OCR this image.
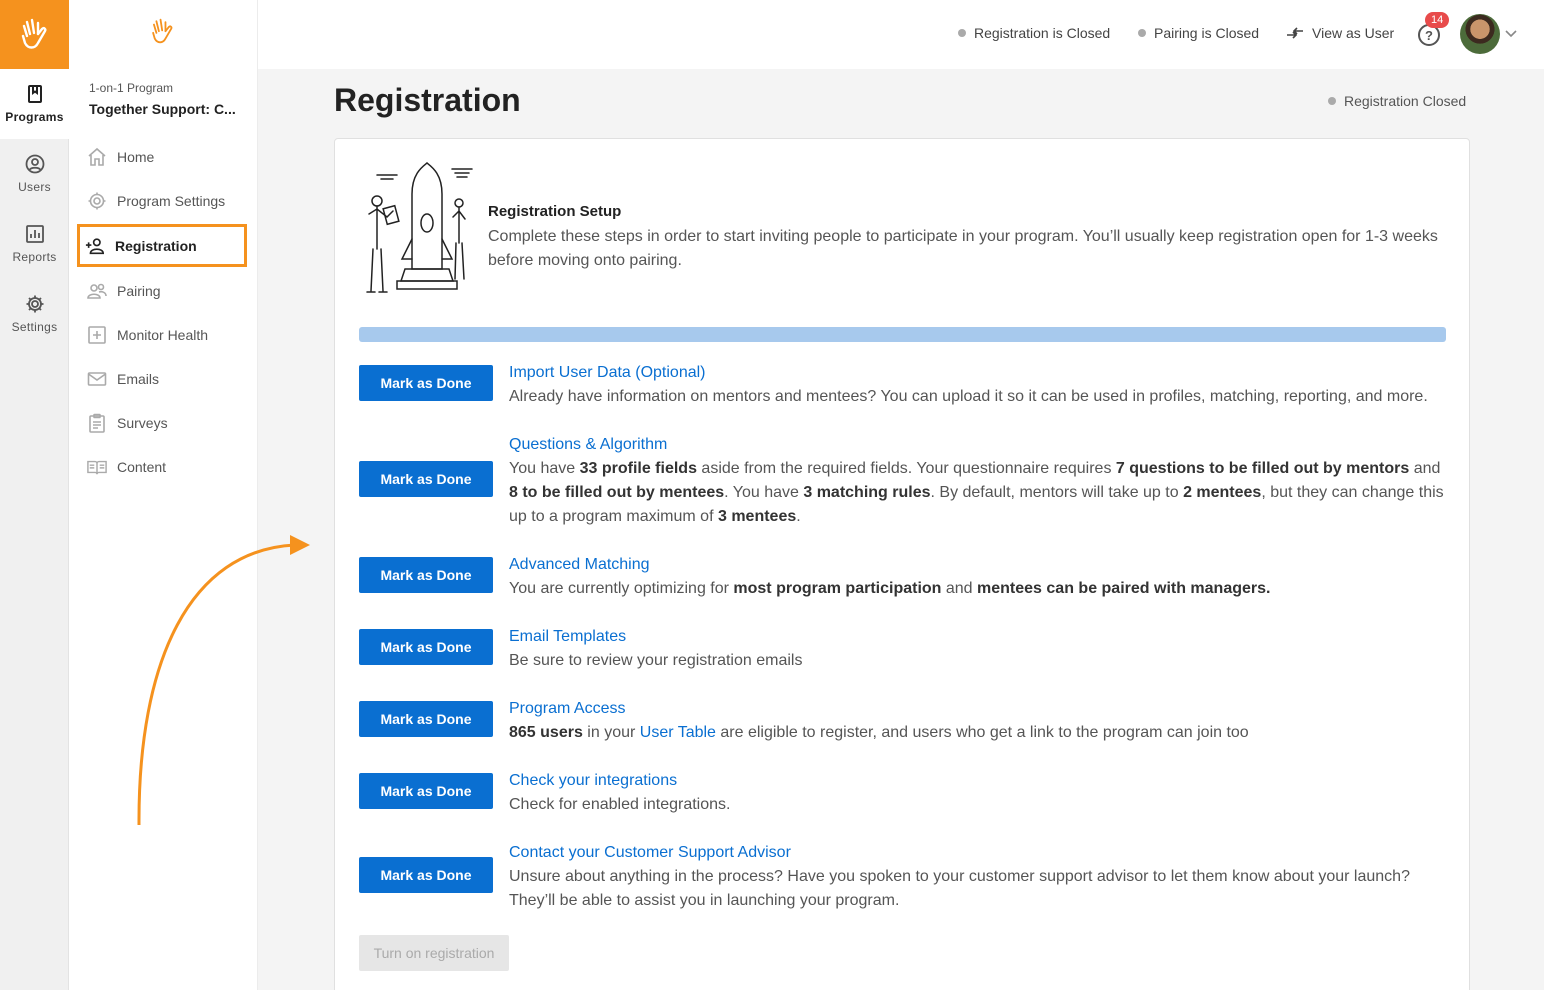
Programs
Users
Reports
Settings
1-on-1 Program
Together Support: C...
Home
Program Settings
Registration
Pairing
Monitor Health
Emails
Surveys
Content
Registration is Closed	Pairing is Closed	View as User	?
14
Registration	Registration Closed
Registration Setup
Complete these steps in order to start inviting people to participate in your program. You’ll usually keep registration open for 1-3 weeks before moving onto pairing.
Mark as Done
Import User Data (Optional)
Already have information on mentors and mentees? You can upload it so it can be used in profiles, matching, reporting, and more.
Mark as Done
Questions & Algorithm
You have 33 profile fields aside from the required fields. Your questionnaire requires 7 questions to be filled out by mentors and 8 to be filled out by mentees. You have 3 matching rules. By default, mentors will take up to 2 mentees, but they can change this up to a program maximum of 3 mentees.
Mark as Done
Advanced Matching
You are currently optimizing for most program participation and mentees can be paired with managers.
Mark as Done
Email Templates
Be sure to review your registration emails
Mark as Done
Program Access
865 users in your User Table are eligible to register, and users who get a link to the program can join too
Mark as Done
Check your integrations
Check for enabled integrations.
Mark as Done
Contact your Customer Support Advisor
Unsure about anything in the process? Have you spoken to your customer support advisor to let them know about your launch? They’ll be able to assist you in launching your program.
Turn on registration
